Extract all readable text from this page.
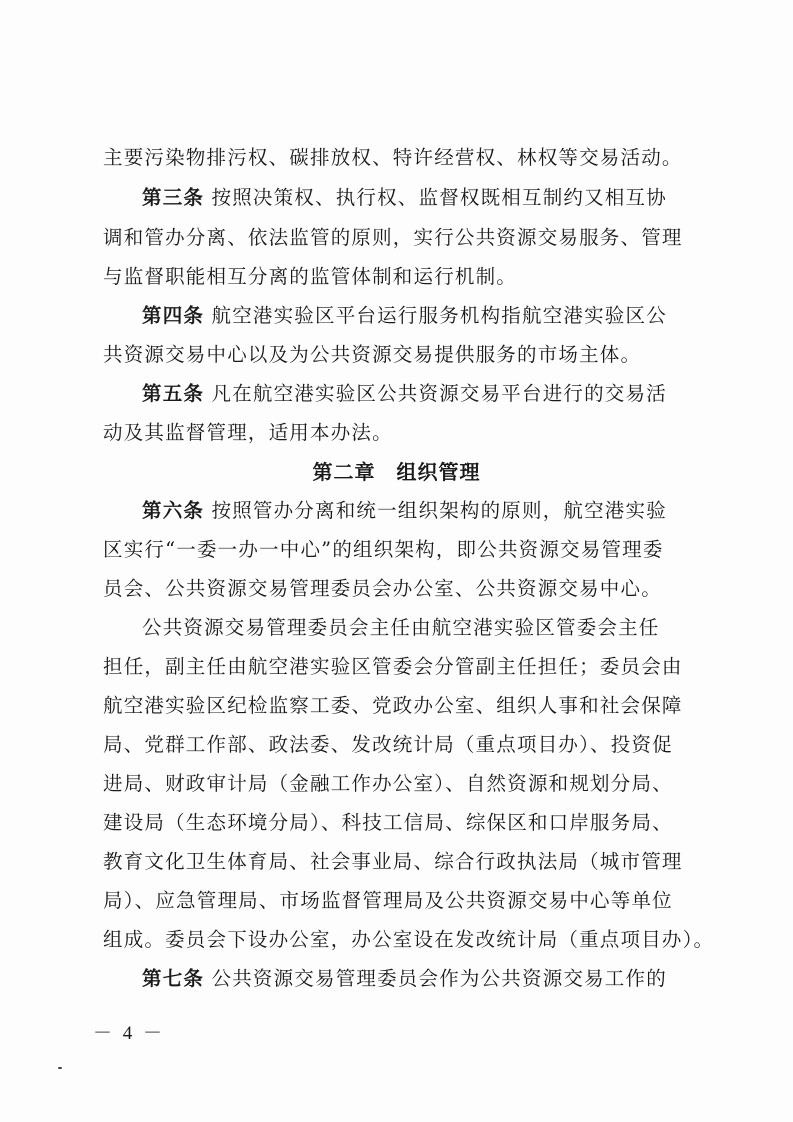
主要污染物排污权、碳排放权、特许经营权、林权等交易活动。
第三条 按照决策权、执行权、监督权既相互制约又相互协
调和管办分离、依法监管的原则，实行公共资源交易服务、管理
与监督职能相互分离的监管体制和运行机制。
第四条 航空港实验区平台运行服务机构指航空港实验区公
共资源交易中心以及为公共资源交易提供服务的市场主体。
第五条 凡在航空港实验区公共资源交易平台进行的交易活
动及其监督管理，适用本办法。
第二章　组织管理
第六条 按照管办分离和统一组织架构的原则，航空港实验
区实行“一委一办一中心”的组织架构，即公共资源交易管理委
员会、公共资源交易管理委员会办公室、公共资源交易中心。
公共资源交易管理委员会主任由航空港实验区管委会主任
担任，副主任由航空港实验区管委会分管副主任担任；委员会由
航空港实验区纪检监察工委、党政办公室、组织人事和社会保障
局、党群工作部、政法委、发改统计局（重点项目办）、投资促
进局、财政审计局（金融工作办公室）、自然资源和规划分局、
建设局（生态环境分局）、科技工信局、综保区和口岸服务局、
教育文化卫生体育局、社会事业局、综合行政执法局（城市管理
局）、应急管理局、市场监督管理局及公共资源交易中心等单位
组成。委员会下设办公室，办公室设在发改统计局（重点项目办）。
第七条 公共资源交易管理委员会作为公共资源交易工作的
－ 4 －
